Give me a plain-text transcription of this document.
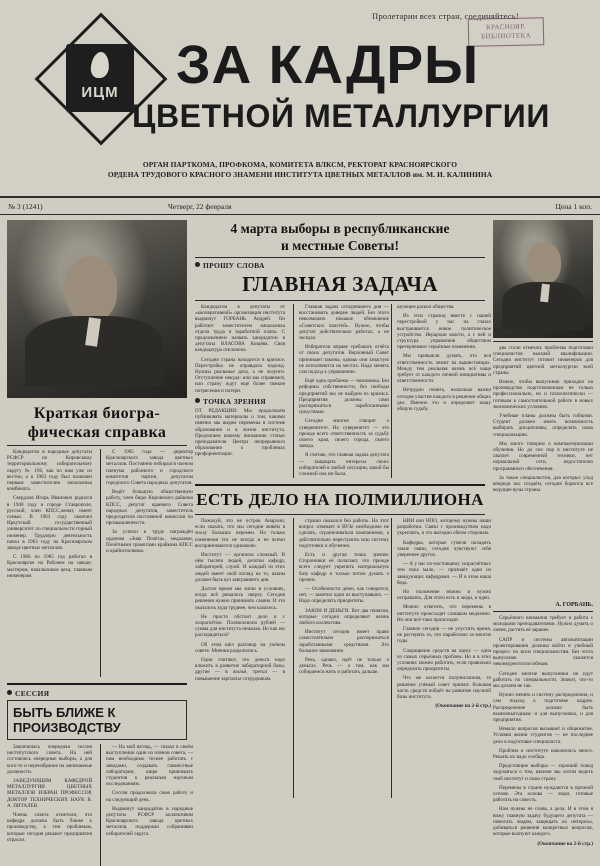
Пролетарии всех стран, соединяйтесь!
КРАСНОЯР. БИБЛИОТЕКА
ИЦМ ЗА КАДРЫ
ЦВЕТНОЙ МЕТАЛЛУРГИИ
ОРГАН ПАРТКОМА, ПРОФКОМА, КОМИТЕТА ВЛКСМ, РЕКТОРАТ КРАСНОЯРСКОГО
ОРДЕНА ТРУДОВОГО КРАСНОГО ЗНАМЕНИ ИНСТИТУТА ЦВЕТНЫХ МЕТАЛЛОВ им. М. И. КАЛИНИНА
№ 3 (1241)	Четверг, 22 февраля	Цена 1 коп.
Краткая биогра-
фическая справка

Кандидатом в народные депутаты РСФСР по Кировскому территориальному избирательному округу № 196, как по нам уже из вестно, а в 1963 году был назначен первым заместителем начальника комбината.

Свердлов Игорь Иванович родился в 1940 году в городе Ставрополе, русский, член КПСС,женат, имеет семью. В 1963 году окончил Иркутский государственный университет по специальности горный инженер. Трудовую деятельность начал в 1963 году на Красноярском заводе цветных металлов.

С 1966 по 1985 год работал в Красноярске на Рабочем на заводе: мастером, начальником цеха, главным инженером.

С 1985 года — директор Красноярского завода цветных металлов. Постоянно избирался членом пленума районного и городского комитетов партии, депутатом городского Совета народных депутатов.

Ведёт большую общественную работу, член бюро Кировского райкома КПСС, депутат краевого Совета народных депутатов, заместитель председателя постоянной комиссии по промышленности.

За успехи в труде награждён орденом «Знак Почёта», медалями, Почётными грамотами крайкома КПСС и крайисполкома.

СЕССИЯ
БЫТЬ БЛИЖЕ К
ПРОИЗВОДСТВУ

Закончилась очередная сессия институтского совета. На ней состоялись очередные выборы, а для кого-то и переизбрание на занимаемые должности.

ЗАВЕДУЮЩИМ КАФЕДРОЙ МЕТАЛЛУРГИИ ЦВЕТНЫХ МЕТАЛЛОВ ИЗБРАН ПРОФЕССОР, ДОКТОР ТЕХНИЧЕСКИХ НАУК В. А. ПИТАЛЕВ.

Члены совета отметили, что кафедра должна быть ближе к производству, к тем проблемам, которые сегодня решают предприятия отрасли.

— На мой взгляд, — сказал в своём выступлении один из членов совета, — нам необходимо теснее работать с заводами, создавать совместные лаборатории, шире привлекать студентов к реальным научным исследованиям.

Сессия продолжила свою работу и на следующий день.

Выдвинут кандидатом в народные депутаты РСФСР коллективом Красноярского завода цветных металлов, поддержан собраниями избирателей округа.

4 марта выборы в республиканские
и местные Советы!
ПРОШУ СЛОВА
ГЛАВНАЯ ЗАДАЧА

Кандидатом в депутаты от «кооперативной» организации института выдвинут ГОРБАНЬ Андрей. Он работает заместителем начальника отдела труда и заработной платы. С предложением назвать кандидатом в депутаты ВЛАСОВА Кищёва. Своя кандидатура отклонена.

Сегодня страна находится в кризисе. Перестройка не оправдала надежд. Нужны реальные дела, а не лозунги. Отступление некуда: или мы справимся, или страну ждут ещё более тяжкие потрясения и потери.

ТОЧКА ЗРЕНИЯ

ОТ РЕДАКЦИИ: Мы продолжаем публиковать материалы о том, какими именно мы видим перемены в системе образования и в жизни института. Предлагаем вашему вниманию статью преподавателя Центра непрерывного образования о проблемах профориентации.

Главная задача сегодняшнего дня — восстановить доверие людей. Без этого невозможно никакое обновление «Советских властей». Нужно, чтобы депутат действительно работал, а не заседал.

Избиратели вправе требовать отчёта от своих депутатов. Верховный Совет принимает законы, однако они зачастую не исполняются на местах. Надо менять сам подход к управлению.

Ещё одна проблема — экономика. Без реформы собственности, без свободы предприятий мы не выйдем из кризиса. Предприятия должны сами распоряжаться заработанными средствами.

Сегодня многие говорят о суверенитете. Но суверенитет — это прежде всего ответственность за судьбу своего края, своего города, своего завода.

Я считаю, что главная задача депутата — защищать интересы своих избирателей в любой ситуации, какой бы сложной она ни была.

шующее раскол общества.

Из этих страниц вместе с нашей перестройкой у нас на глазах выстраивается новое политическое устройство. Иерархии власти, а с ней и структура управления обществом претерпевают серьёзные изменения.

Мы привыкли думать, что вся ответственность лежит на вышестоящих. Между тем реальная жизнь всё чаще требует от каждого личной инициативы и ответственности.

Нетрудно понять, насколько важно сегодня участие каждого в решении общих дел. Именно это и определяет нашу общую судьбу.

ЕСТЬ ДЕЛО НА ПОЛМИЛЛИОНА

Пожалуй, это не остров Анархии, если сказать, что мы сегодня живём в эпоху больших перемен. Но только изменения эти не всегда и не всеми воспринимаются одинаково.

Институт — организм сложный. В нём тысячи людей, десятки кафедр, лабораторий, служб. И каждый из этих людей имеет свой взгляд на то, каким должен быть вуз завтрашнего дня.

Долгое время мы жили в условиях, когда всё решалось сверху. Сегодня решения нужно принимать самим. И это оказалось куда труднее, чем казалось.

Не просто обстоит дело и с хозрасчётом. Полмиллиона рублей — сумма для института немалая. Но как ею распорядиться?

Об этом шёл разговор на учёном совете. Мнения разделились.

Одни считают, что деньги надо вложить в развитие лабораторной базы, другие — в жильё, третьи — в повышение зарплаты сотрудникам.

страши оказался без работы. На этот вопрос отвечает в ВУЗе необходимо не сделать, ограничиваться кампаниями, а действительно перестроить всю систему подготовки и обучения.

Есть и другая точка зрения. Сторонники её полагают, что прежде всего следует укрепить материальную базу кафедр и только потом думать о прочем.

— Особенности денег, как говорится, нет, — заметил один из выступавших. — Надо определить приоритеты.

ЗАКОН И ДЕНЬГИ. Вот два понятия, которые сегодня определяют жизнь любого коллектива.

Институт сегодня имеет право самостоятельно распоряжаться заработанными средствами. Это большое завоевание.

Речь, однако, идёт не только о деньгах. Речь — о том, как мы собираемся жить и работать дальше.

НИИ или НПО, которому нужны наши разработки. Связи с производством надо укреплять, и это выгодно обеим сторонам.

Кафедры, которые сумели наладить такие связи, сегодня чувствуют себя увереннее других.

— А у нас по-настоящему хозрасчётных тем пока мало, — признаёт один из заведующих кафедрами. — И в этом наша беда.

Но положение можно и нужно исправлять. Для этого есть и люди, и идеи.

Можно ответить, что перемены в институте происходят слишком медленно. Но они всё-таки происходят.

Главное сегодня — не упустить время, не растерять то, что наработано за многие годы.

Сокращение средств на науку — одна из самых серьёзных проблем. Но и в этих условиях можно работать, если правильно определить приоритеты.

Что же касается полумиллиона, то решение учёный совет принял: большая часть средств пойдёт на развитие научной базы института.

(Окончание на 2-й стр.)

два стали отмечать проблемы подготовки специалистов высшей квалификации. Сегодня институт готовит инженеров для предприятий цветной металлургии всей страны.

Важно, чтобы выпускник приходил на производство подготовленным не только профессионально, но и психологически — готовым к самостоятельной работе в новых экономических условиях.

Учебные планы должны быть гибкими. Студент должен иметь возможность выбирать дисциплины, определять свою специализацию.

Мы много говорим о компьютеризации обучения. Но до сих пор в институте не хватает современной техники, нет нормальной сети, недостаточно программного обеспечения.

За такие специалистов, для которых уход впереди нас создаём, сегодня борются все ведущие вузы страны.

А. ГОРБАНЬ.

Серьёзного внимания требует и работа с молодыми преподавателями. Нужно думать о смене, растить её заранее.

САПР и системы автоматизации проектирования должны войти в учебный процесс по всем специальностям. Без этого выпускник окажется неконкурентоспособным.

Сегодня многие выпускники не идут работать по специальности. Значит, что-то мы делаем не так.

Нужно менять и систему распределения, и сам подход к подготовке кадров. Распределение должно быть взаимовыгодным: и для выпускника, и для предприятия.

Немало вопросов вызывает и общежитие. Условия жизни студентов — не последнее дело в подготовке специалиста.

Проблем в институте накопилось много. Решать их надо сообща.

Предстоящие выборы — хороший повод задуматься о том, какими мы хотим видеть свой институт и свою страну.

Перемены в стране нуждаются в прочной основе. Эта основа — люди, готовые работать на совесть.

Нам нужны не слова, а дела. И в этом я вижу главную задачу будущего депутата — помогать людям, защищать их интересы, добиваться решения конкретных вопросов, которые волнуют каждого.

(Окончание на 2-й стр.)
